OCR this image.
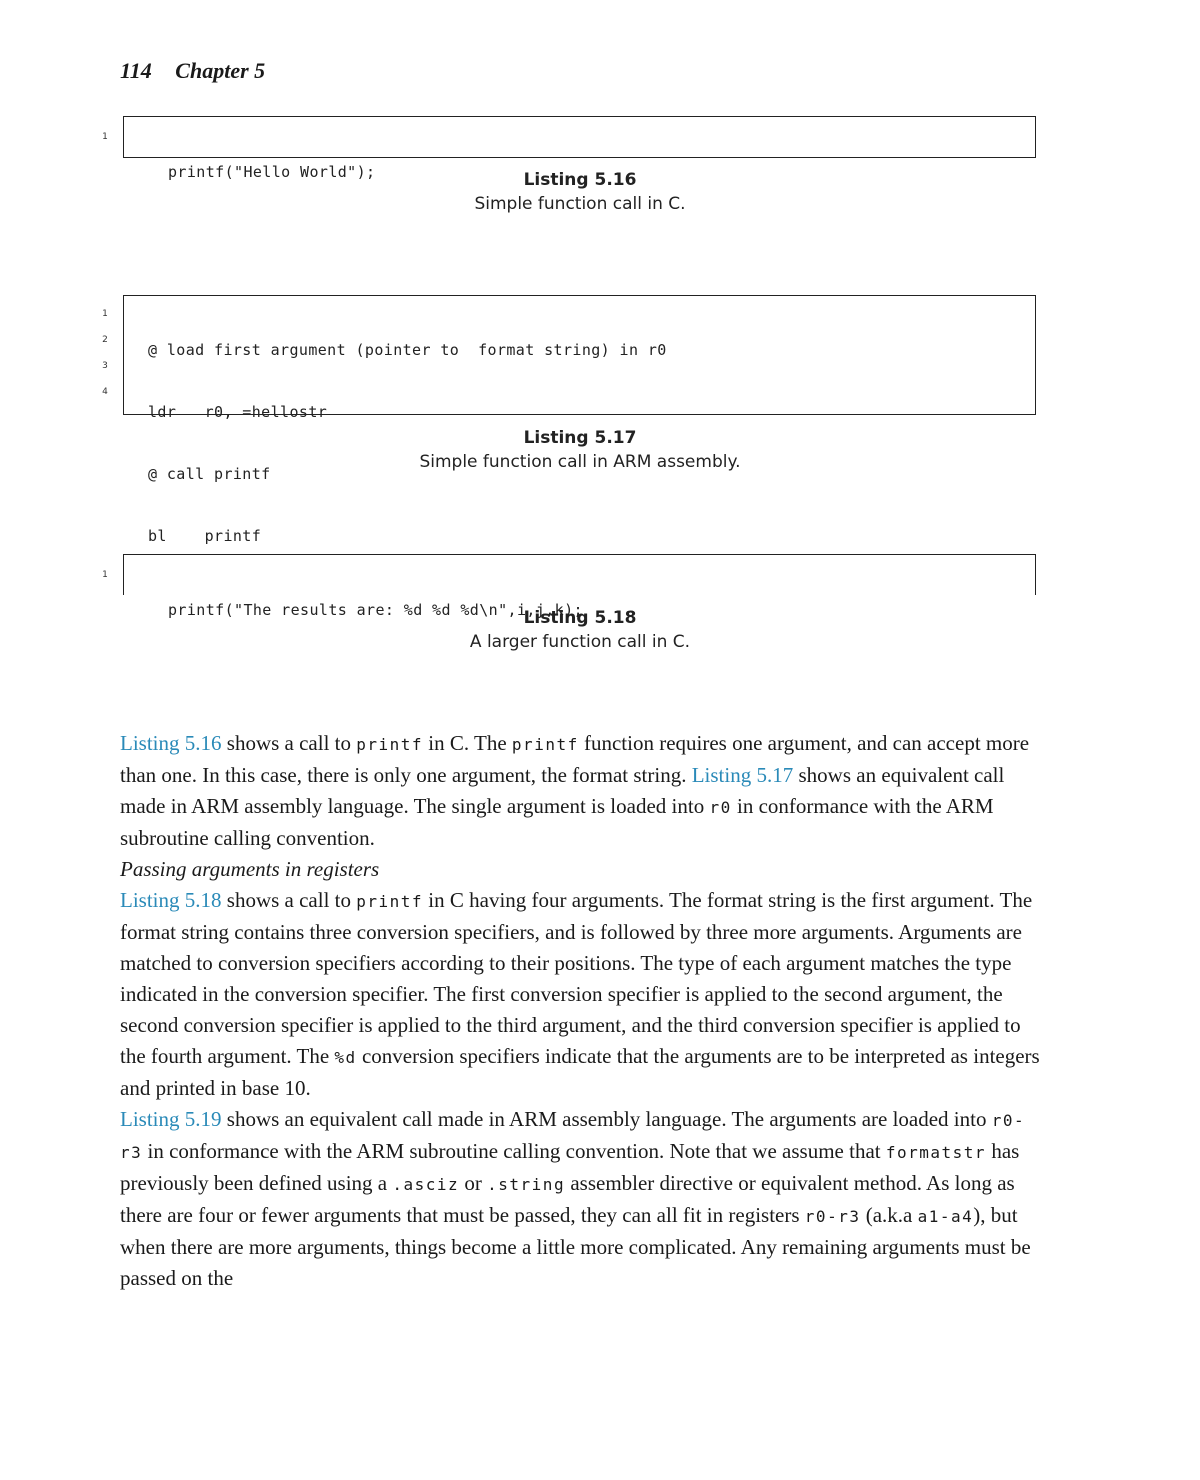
114 Chapter 5
1

printf("Hello World");

	Listing 5.16
Simple function call in C.
1
2
3
4

@ load first argument (pointer to  format string) in r0

ldr   r0, =hellostr

@ call printf

bl    printf

Listing 5.17
Simple function call in ARM assembly.
1

printf("The results are: %d %d %d\n",i,j,k);

Listing 5.18
A larger function call in C.

Listing 5.16 shows a call to printf in C. The printf function requires one argument, and can accept more than one. In this case, there is only one argument, the format string. Listing 5.17 shows an equivalent call made in ARM assembly language. The single argument is loaded into r0 in conformance with the ARM subroutine calling convention.

Passing arguments in registers

Listing 5.18 shows a call to printf in C having four arguments. The format string is the first argument. The format string contains three conversion specifiers, and is followed by three more arguments. Arguments are matched to conversion specifiers according to their positions. The type of each argument matches the type indicated in the conversion specifier. The first conversion specifier is applied to the second argument, the second conversion specifier is applied to the third argument, and the third conversion specifier is applied to the fourth argument. The %d conversion specifiers indicate that the arguments are to be interpreted as integers and printed in base 10.

Listing 5.19 shows an equivalent call made in ARM assembly language. The arguments are loaded into r0-r3 in conformance with the ARM subroutine calling convention. Note that we assume that formatstr has previously been defined using a .asciz or .string assembler directive or equivalent method. As long as there are four or fewer arguments that must be passed, they can all fit in registers r0-r3 (a.k.a a1-a4), but when there are more arguments, things become a little more complicated. Any remaining arguments must be passed on the
